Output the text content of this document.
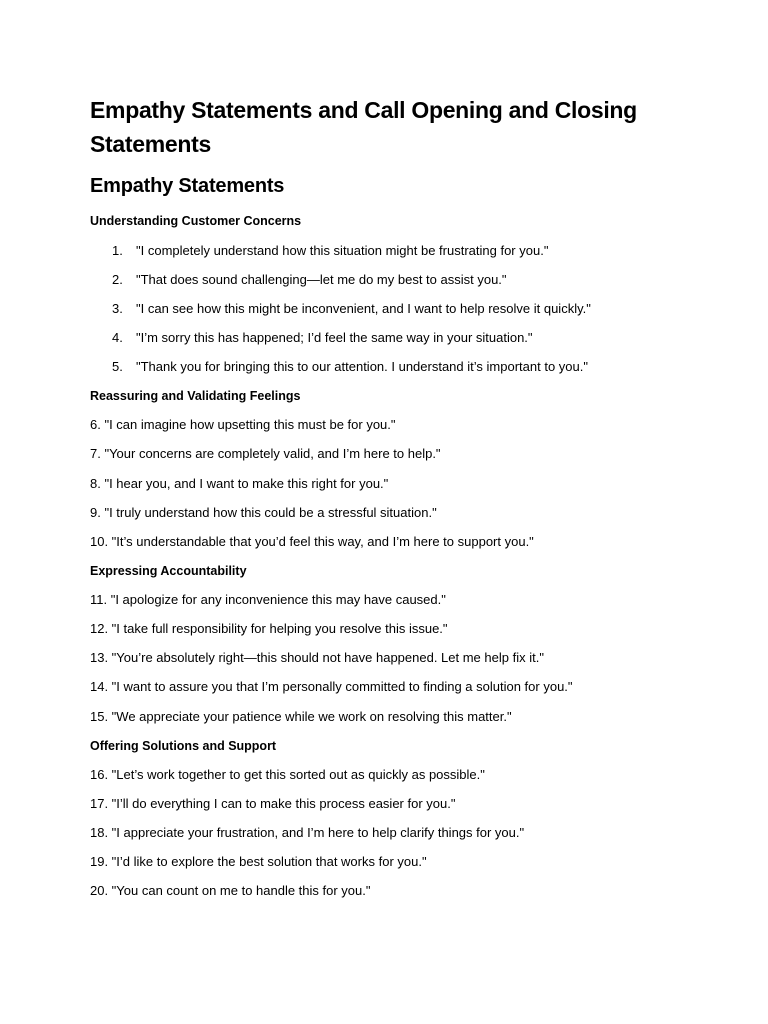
Empathy Statements and Call Opening and Closing

Statements

Empathy Statements

Understanding Customer Concerns

1. "I completely understand how this situation might be frustrating for you."

2. "That does sound challenging—let me do my best to assist you."

3. "I can see how this might be inconvenient, and I want to help resolve it quickly."

4. "I’m sorry this has happened; I’d feel the same way in your situation."

5. "Thank you for bringing this to our attention. I understand it’s important to you."

Reassuring and Validating Feelings

6. "I can imagine how upsetting this must be for you."

7. "Your concerns are completely valid, and I’m here to help."

8. "I hear you, and I want to make this right for you."

9. "I truly understand how this could be a stressful situation."

10. "It’s understandable that you’d feel this way, and I’m here to support you."

Expressing Accountability

11. "I apologize for any inconvenience this may have caused."

12. "I take full responsibility for helping you resolve this issue."

13. "You’re absolutely right—this should not have happened. Let me help fix it."

14. "I want to assure you that I’m personally committed to finding a solution for you."

15. "We appreciate your patience while we work on resolving this matter."

Offering Solutions and Support

16. "Let’s work together to get this sorted out as quickly as possible."

17. "I’ll do everything I can to make this process easier for you."

18. "I appreciate your frustration, and I’m here to help clarify things for you."

19. "I’d like to explore the best solution that works for you."

20. "You can count on me to handle this for you."
